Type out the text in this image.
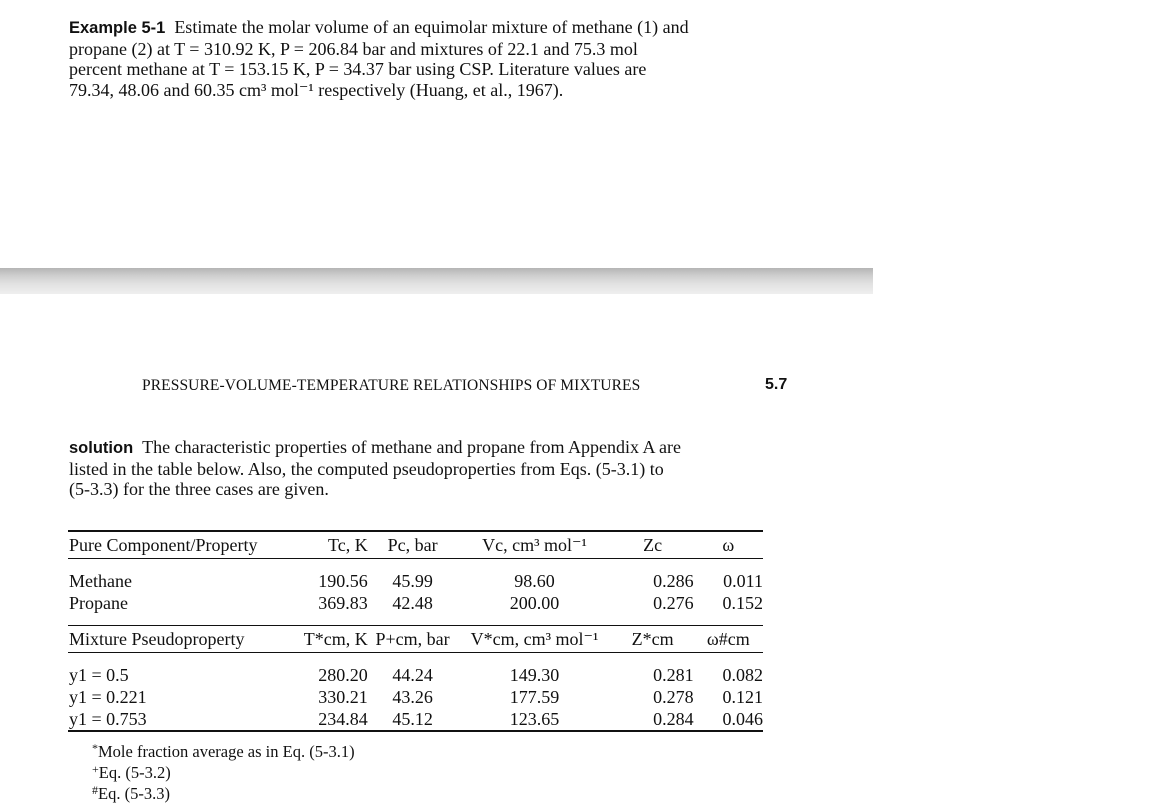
Example 5-1 Estimate the molar volume of an equimolar mixture of methane (1) and

propane (2) at T = 310.92 K, P = 206.84 bar and mixtures of 22.1 and 75.3 mol

percent methane at T = 153.15 K, P = 34.37 bar using CSP. Literature values are

79.34, 48.06 and 60.35 cm³ mol⁻¹ respectively (Huang, et al., 1967).

PRESSURE-VOLUME-TEMPERATURE RELATIONSHIPS OF MIXTURES	5.7

solution The characteristic properties of methane and propane from Appendix A are

listed in the table below. Also, the computed pseudoproperties from Eqs. (5-3.1) to

(5-3.3) for the three cases are given.

Pure Component/Property	Tc, K	Pc, bar	Vc, cm³ mol⁻¹	Zc	ω

Methane	190.56	45.99	98.60	0.286	0.011
Propane	369.83	42.48	200.00	0.276	0.152

Mixture Pseudoproperty	T*cm, K	P+cm, bar	V*cm, cm³ mol⁻¹	Z*cm	ω#cm

y1 = 0.5	280.20	44.24	149.30	0.281	0.082
y1 = 0.221	330.21	43.26	177.59	0.278	0.121
y1 = 0.753	234.84	45.12	123.65	0.284	0.046

*Mole fraction average as in Eq. (5-3.1)

+Eq. (5-3.2)

#Eq. (5-3.3)
